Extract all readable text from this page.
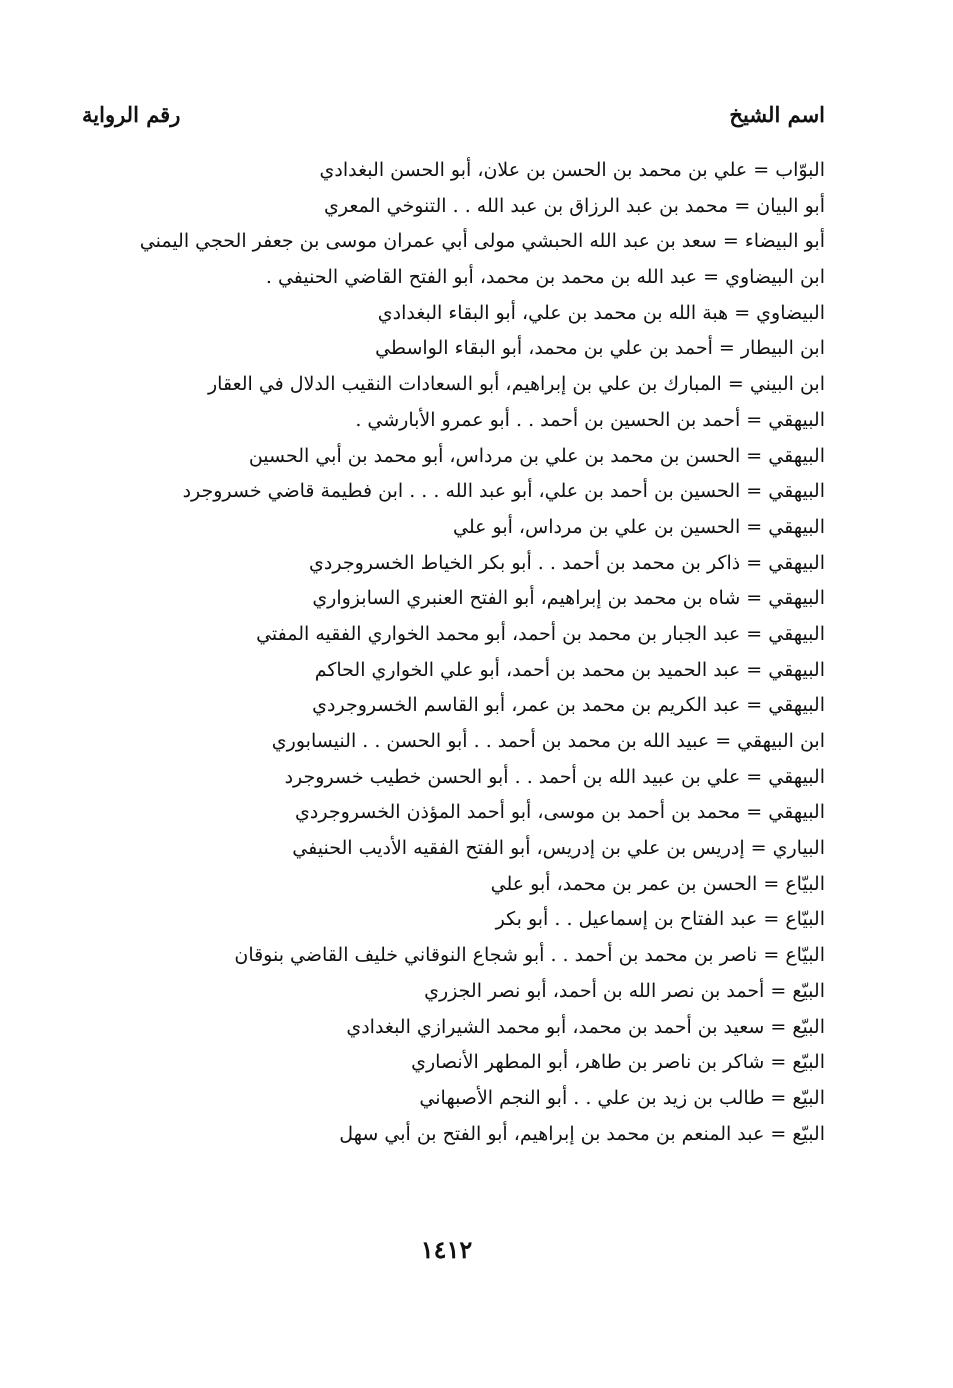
اسم الشيخ
رقم الرواية
البوّاب = علي بن محمد بن الحسن بن علان، أبو الحسن البغدادي
أبو البيان = محمد بن عبد الرزاق بن عبد الله . . التنوخي المعري
أبو البيضاء = سعد بن عبد الله الحبشي مولى أبي عمران موسى بن جعفر الحجي اليمني
ابن البيضاوي = عبد الله بن محمد بن محمد، أبو الفتح القاضي الحنيفي .
البيضاوي = هبة الله بن محمد بن علي، أبو البقاء البغدادي
ابن البيطار = أحمد بن علي بن محمد، أبو البقاء الواسطي
ابن البيني = المبارك بن علي بن إبراهيم، أبو السعادات النقيب الدلال في العقار
البيهقي = أحمد بن الحسين بن أحمد . . أبو عمرو الأبارشي .
البيهقي = الحسن بن محمد بن علي بن مرداس، أبو محمد بن أبي الحسين
البيهقي = الحسين بن أحمد بن علي، أبو عبد الله . . . ابن فطيمة قاضي خسروجرد
البيهقي = الحسين بن علي بن مرداس، أبو علي
البيهقي = ذاكر بن محمد بن أحمد . . أبو بكر الخياط الخسروجردي
البيهقي = شاه بن محمد بن إبراهيم، أبو الفتح العنبري السابزواري
البيهقي = عبد الجبار بن محمد بن أحمد، أبو محمد الخواري الفقيه المفتي
البيهقي = عبد الحميد بن محمد بن أحمد، أبو علي الخواري الحاكم
البيهقي = عبد الكريم بن محمد بن عمر، أبو القاسم الخسروجردي
ابن البيهقي = عبيد الله بن محمد بن أحمد . . أبو الحسن . . النيسابوري
البيهقي = علي بن عبيد الله بن أحمد . . أبو الحسن خطيب خسروجرد
البيهقي = محمد بن أحمد بن موسى، أبو أحمد المؤذن الخسروجردي
البياري = إدريس بن علي بن إدريس، أبو الفتح الفقيه الأديب الحنيفي
البيّاع = الحسن بن عمر بن محمد، أبو علي
البيّاع = عبد الفتاح بن إسماعيل . . أبو بكر
البيّاع = ناصر بن محمد بن أحمد . . أبو شجاع النوقاني خليف القاضي بنوقان
البيّع = أحمد بن نصر الله بن أحمد، أبو نصر الجزري
البيّع = سعيد بن أحمد بن محمد، أبو محمد الشيرازي البغدادي
البيّع = شاكر بن ناصر بن طاهر، أبو المطهر الأنصاري
البيّع = طالب بن زيد بن علي . . أبو النجم الأصبهاني
البيّع = عبد المنعم بن محمد بن إبراهيم، أبو الفتح بن أبي سهل
١٤١٢
